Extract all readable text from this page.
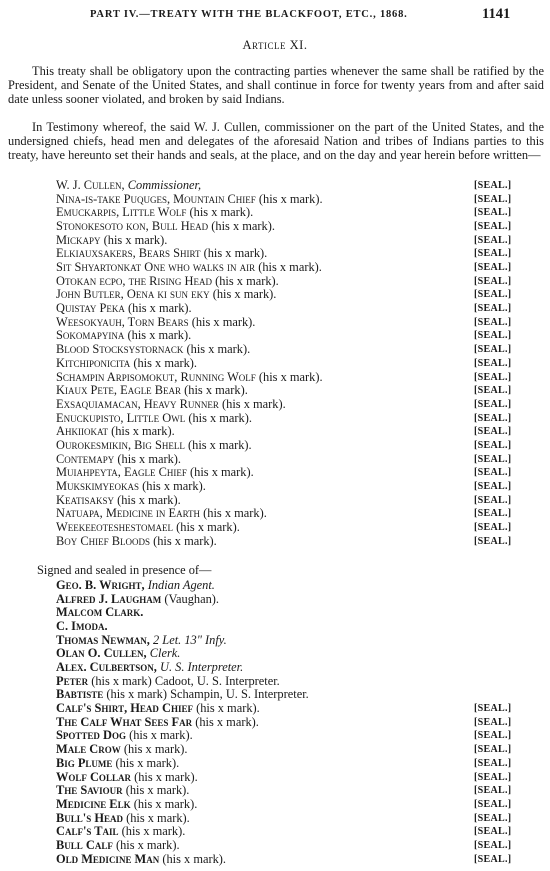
PART IV.—TREATY WITH THE BLACKFOOT, ETC., 1868.	1141
Article XI.
This treaty shall be obligatory upon the contracting parties whenever the same shall be ratified by the President, and Senate of the United States, and shall continue in force for twenty years from and after said date unless sooner violated, and broken by said Indians.
In Testimony whereof, the said W. J. Cullen, commissioner on the part of the United States, and the undersigned chiefs, head men and delegates of the aforesaid Nation and tribes of Indians parties to this treaty, have hereunto set their hands and seals, at the place, and on the day and year herein before written—
W. J. Cullen, Commissioner,	[SEAL.]
Nina-is-take Puquges, Mountain Chief (his x mark).	[SEAL.]
Emuckarpis, Little Wolf (his x mark).	[SEAL.]
Stonokesoto kon, Bull Head (his x mark).	[SEAL.]
Mickapy (his x mark).	[SEAL.]
Elkiauxsakers, Bears Shirt (his x mark).	[SEAL.]
Sit Shyartonkat One who walks in air (his x mark).	[SEAL.]
Otokan ecpo, the Rising Head (his x mark).	[SEAL.]
John Butler, Oena ki sun eky (his x mark).	[SEAL.]
Quistay Peka (his x mark).	[SEAL.]
Weesokyauh, Torn Bears (his x mark).	[SEAL.]
Sokomapyina (his x mark).	[SEAL.]
Blood Stocksystornack (his x mark).	[SEAL.]
Kitchiponicita (his x mark).	[SEAL.]
Schampin Arpisomokut, Running Wolf (his x mark).	[SEAL.]
Kiaux Pete, Eagle Bear (his x mark).	[SEAL.]
Exsaquiamacan, Heavy Runner (his x mark).	[SEAL.]
Enuckupisto, Little Owl (his x mark).	[SEAL.]
Ahkiiokat (his x mark).	[SEAL.]
Ourokesmikin, Big Shell (his x mark).	[SEAL.]
Contemapy (his x mark).	[SEAL.]
Muiahpeyta, Eagle Chief (his x mark).	[SEAL.]
Mukskimyeokas (his x mark).	[SEAL.]
Keatisaksy (his x mark).	[SEAL.]
Natuapa, Medicine in Earth (his x mark).	[SEAL.]
Weekeeoteshestomael (his x mark).	[SEAL.]
Boy Chief Bloods (his x mark).	[SEAL.]
Signed and sealed in presence of—
Geo. B. Wright, Indian Agent.
Alfred J. Laugham (Vaughan).
Malcom Clark.
C. Imoda.
Thomas Newman, 2 Let. 13" Infy.
Olan O. Cullen, Clerk.
Alex. Culbertson, U. S. Interpreter.
Peter (his x mark) Cadoot, U. S. Interpreter.
Babtiste (his x mark) Schampin, U. S. Interpreter.
Calf's Shirt, Head Chief (his x mark).	[SEAL.]
The Calf What Sees Far (his x mark).	[SEAL.]
Spotted Dog (his x mark).	[SEAL.]
Male Crow (his x mark).	[SEAL.]
Big Plume (his x mark).	[SEAL.]
Wolf Collar (his x mark).	[SEAL.]
The Saviour (his x mark).	[SEAL.]
Medicine Elk (his x mark).	[SEAL.]
Bull's Head (his x mark).	[SEAL.]
Calf's Tail (his x mark).	[SEAL.]
Bull Calf (his x mark).	[SEAL.]
Old Medicine Man (his x mark).	[SEAL.]
